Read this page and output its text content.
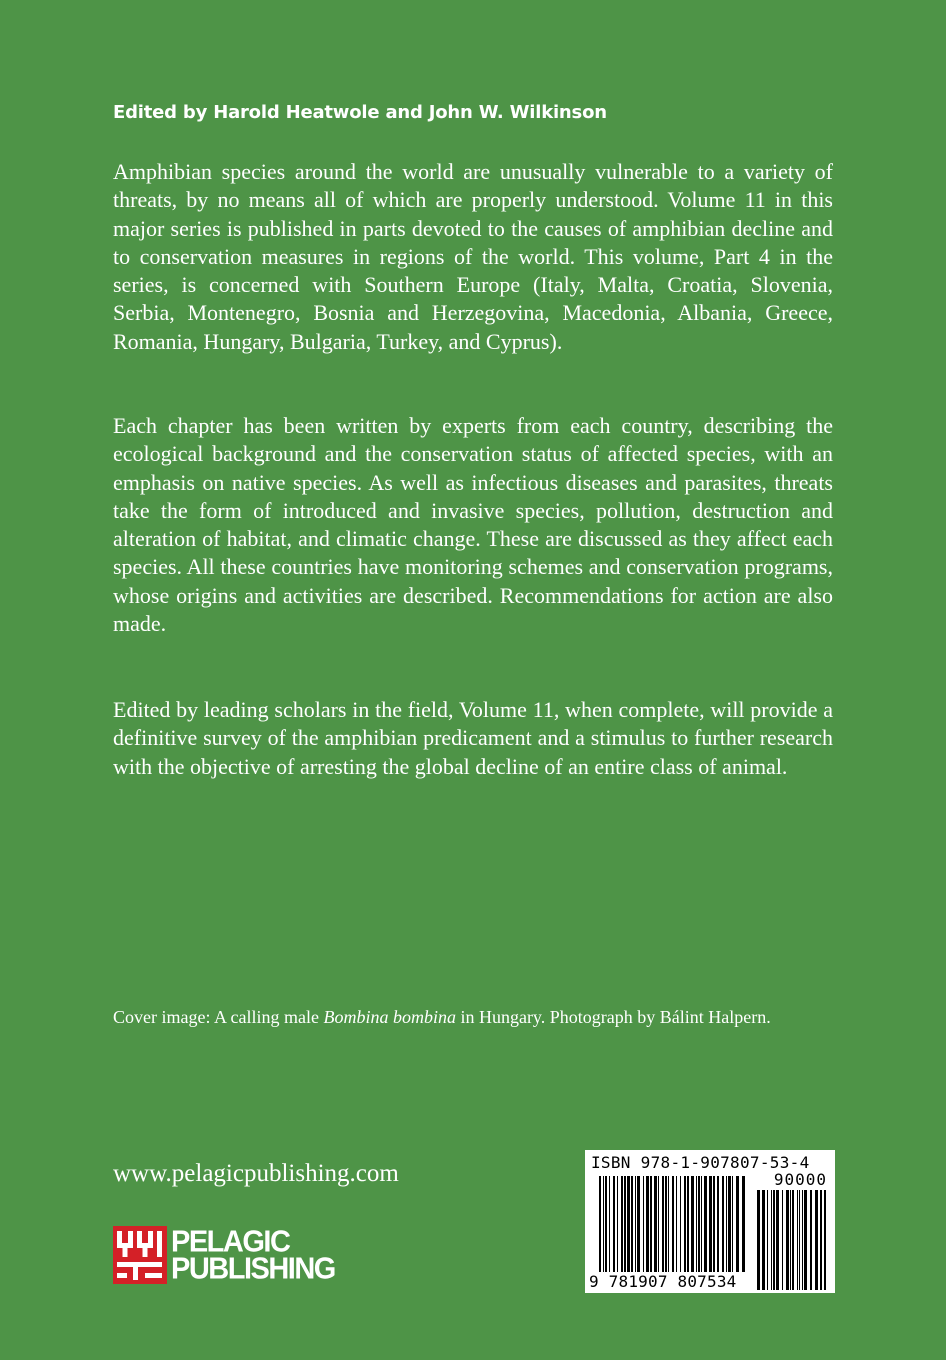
Edited by Harold Heatwole and John W. Wilkinson

Amphibian species around the world are unusually vulnerable to a variety of threats, by no means all of which are properly understood. Volume 11 in this major series is published in parts devoted to the causes of amphibian decline and to conservation measures in regions of the world. This volume, Part 4 in the series, is concerned with Southern Europe (Italy, Malta, Croatia, Slovenia, Serbia, Montenegro, Bosnia and Herzegovina, Macedonia, Albania, Greece, Romania, Hungary, Bulgaria, Turkey, and Cyprus).

Each chapter has been written by experts from each country, describing the ecological background and the conservation status of affected species, with an emphasis on native species. As well as infectious diseases and parasites, threats take the form of introduced and invasive species, pollution, destruction and alteration of habitat, and climatic change. These are discussed as they affect each species. All these countries have monitoring schemes and conservation programs, whose origins and activities are described. Recommendations for action are also made.

Edited by leading scholars in the field, Volume 11, when complete, will provide a definitive survey of the amphibian predicament and a stimulus to further research with the objective of arresting the global decline of an entire class of animal.

Cover image: A calling male Bombina bombina in Hungary. Photograph by Bálint Halpern.

www.pelagicpublishing.com

PELAGIC
PUBLISHING
ISBN 978-1-907807-53-4
90000
9 781907 807534
